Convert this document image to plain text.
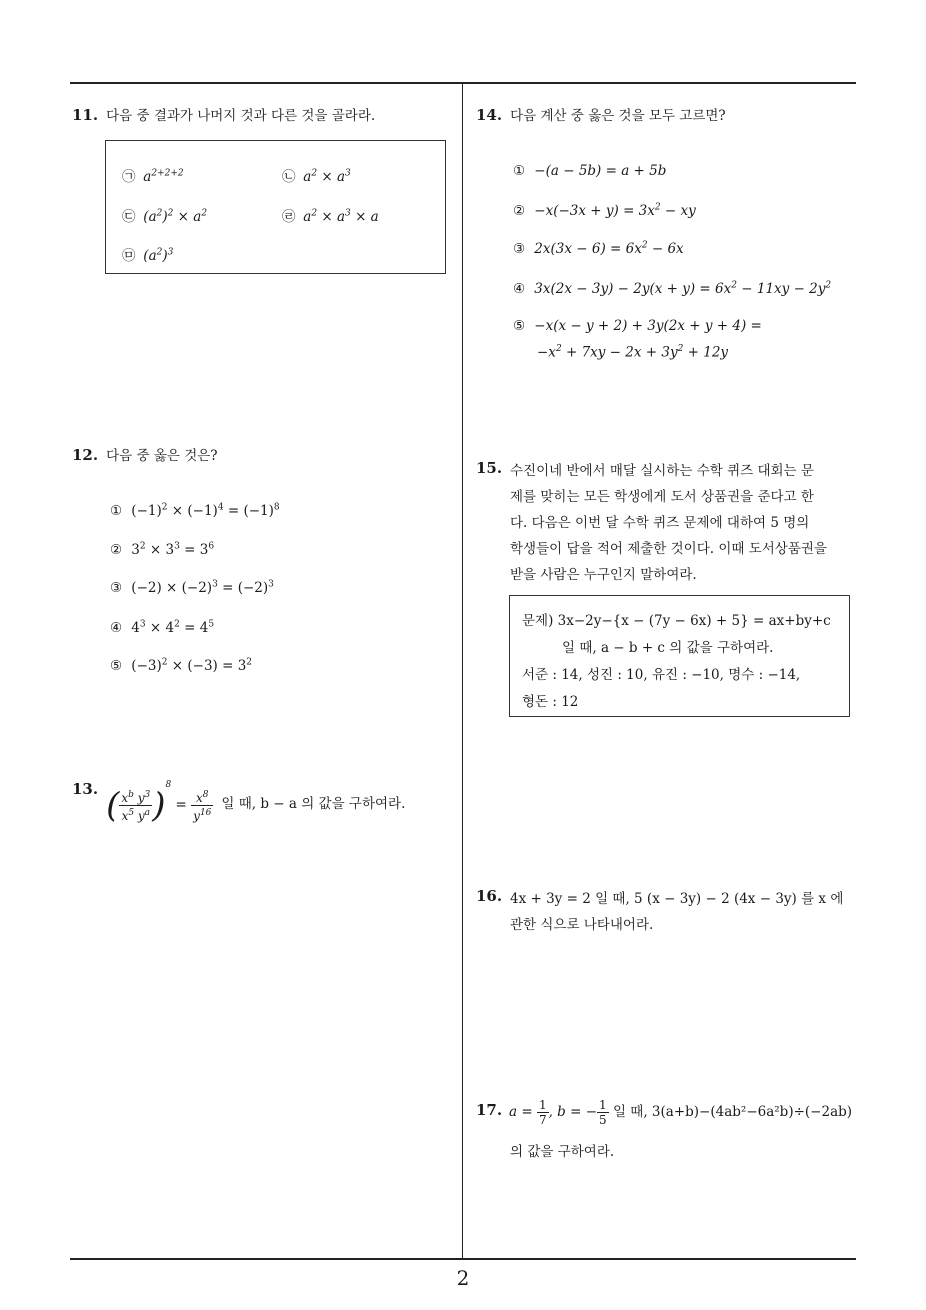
11. 다음 중 결과가 나머지 것과 다른 것을 골라라.
㉠ $a^{2+2+2}$	㉡ $a^2 \times a^3$
㉢ $(a^2)^2 \times a^2$	㉣ $a^2 \times a^3 \times a$
㉤ $(a^2)^3$
12. 다음 중 옳은 것은?
① $(-1)^2 \times (-1)^4 = (-1)^8$
② $3^2 \times 3^3 = 3^6$
③ $(-2) \times (-2)^3 = (-2)^3$
④ $4^3 \times 4^2 = 4^5$
⑤ $(-3)^2 \times (-3) = 3^2$
13. ( $\frac{x^b y^3}{x^5 y^a} )^8 = \frac{x^8}{y^{16}}$ 일 때, b − a 의 값을 구하여라.
14. 다음 계산 중 옳은 것을 모두 고르면?
① −(a − 5b) = a + 5b
② $-x(-3x + y) = 3x^2$ − xy
③ $2x(3x - 6) = 6x^2 - 6x$
④ $3x(2x - 3y) - 2y(x + y) = 6x^2 - 11xy - 2y^2$
⑤ −x(x − y + 2) + 3y(2x + y + 4) =
$-x^2 + 7xy - 2x + 3y^2 + 12y$
15. 수진이네 반에서 매달 실시하는 수학 퀴즈 대회는 문
제를 맞히는 모든 학생에게 도서 상품권을 준다고 한
다. 다음은 이번 달 수학 퀴즈 문제에 대하여 5 명의
학생들이 답을 적어 제출한 것이다. 이때 도서상품권을
받을 사람은 누구인지 말하여라.
문제) 3x−2y−{x − (7y − 6x) + 5} = ax+by+c
일 때, a − b + c 의 값을 구하여라.
서준 : 14, 성진 : 10, 유진 : −10, 명수 : −14,
형돈 : 12
16. 4x + 3y = 2 일 때, 5 (x − 3y) − 2 (4x − 3y) 를 x 에
관한 식으로 나타내어라.
17. $a = \frac{1}{7}$ , b = − $\frac{1}{5}$ 일 때, 3(a+b)−(4ab²−6a²b)÷(−2ab)
의 값을 구하여라.
2
